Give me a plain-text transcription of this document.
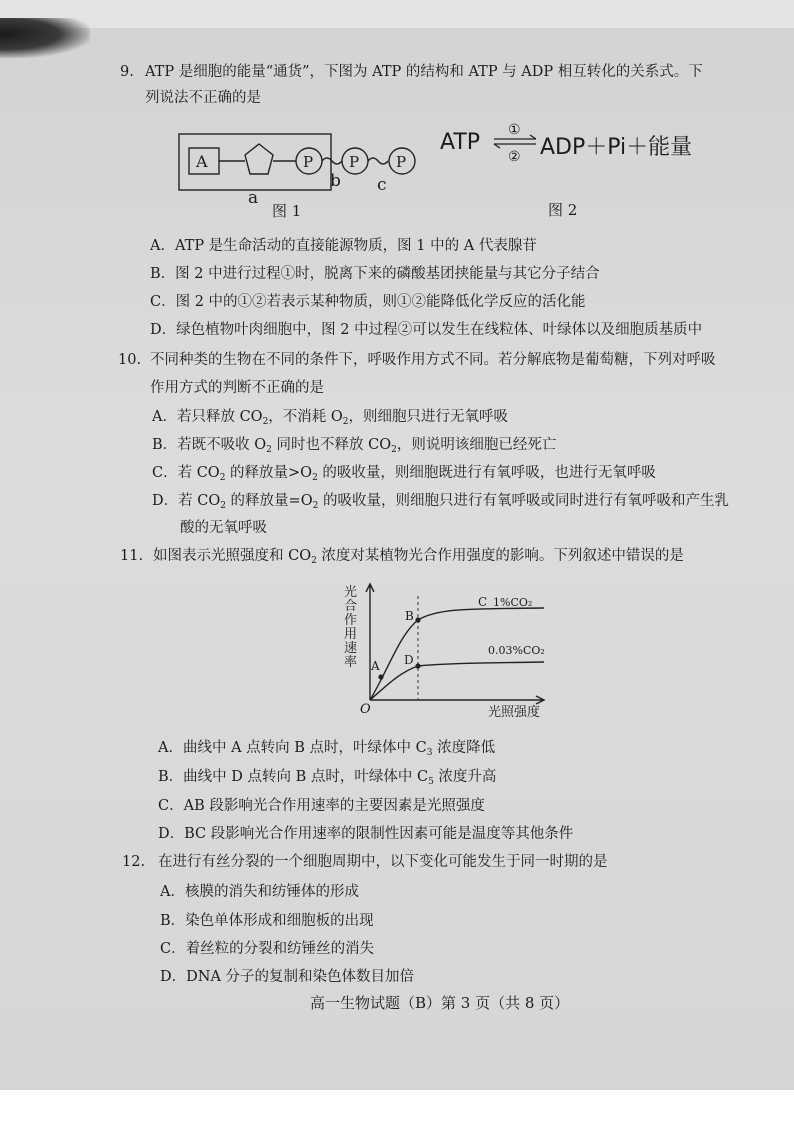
9. ATP 是细胞的能量“通货”，下图为 ATP 的结构和 ATP 与 ADP 相互转化的关系式。下
列说法不正确的是
A	P P P
b c
a
图 1
ATP ①
② ADP＋Pi＋能量
图 2
A．ATP 是生命活动的直接能源物质，图 1 中的 A 代表腺苷
B．图 2 中进行过程①时，脱离下来的磷酸基团挟能量与其它分子结合
C．图 2 中的①②若表示某种物质，则①②能降低化学反应的活化能
D．绿色植物叶肉细胞中，图 2 中过程②可以发生在线粒体、叶绿体以及细胞质基质中
10. 不同种类的生物在不同的条件下，呼吸作用方式不同。若分解底物是葡萄糖，下列对呼吸
作用方式的判断不正确的是
A．若只释放 $CO_2$，不消耗 $O_2$，则细胞只进行无氧呼吸
B．若既不吸收 $O_2$ 同时也不释放 $CO_2$，则说明该细胞已经死亡
C．若 $CO_2$ 的释放量$>O_2$ 的吸收量，则细胞既进行有氧呼吸，也进行无氧呼吸
D．若 $CO_2$ 的释放量$=O_2$ 的吸收量，则细胞只进行有氧呼吸或同时进行有氧呼吸和产生乳
酸的无氧呼吸
11. 如图表示光照强度和 $CO_2$ 浓度对某植物光合作用强度的影响。下列叙述中错误的是
光
合
作
用
速
率
O	光照强度
A
B
D
C 1%CO₂
0.03%CO₂
A．曲线中 A 点转向 B 点时，叶绿体中 $C_3$ 浓度降低
B．曲线中 D 点转向 B 点时，叶绿体中 $C_5$ 浓度升高
C．AB 段影响光合作用速率的主要因素是光照强度
D．BC 段影响光合作用速率的限制性因素可能是温度等其他条件
12. 在进行有丝分裂的一个细胞周期中，以下变化可能发生于同一时期的是
A．核膜的消失和纺锤体的形成
B．染色单体形成和细胞板的出现
C．着丝粒的分裂和纺锤丝的消失
D．DNA 分子的复制和染色体数目加倍
高一生物试题（B）第 3 页（共 8 页）
